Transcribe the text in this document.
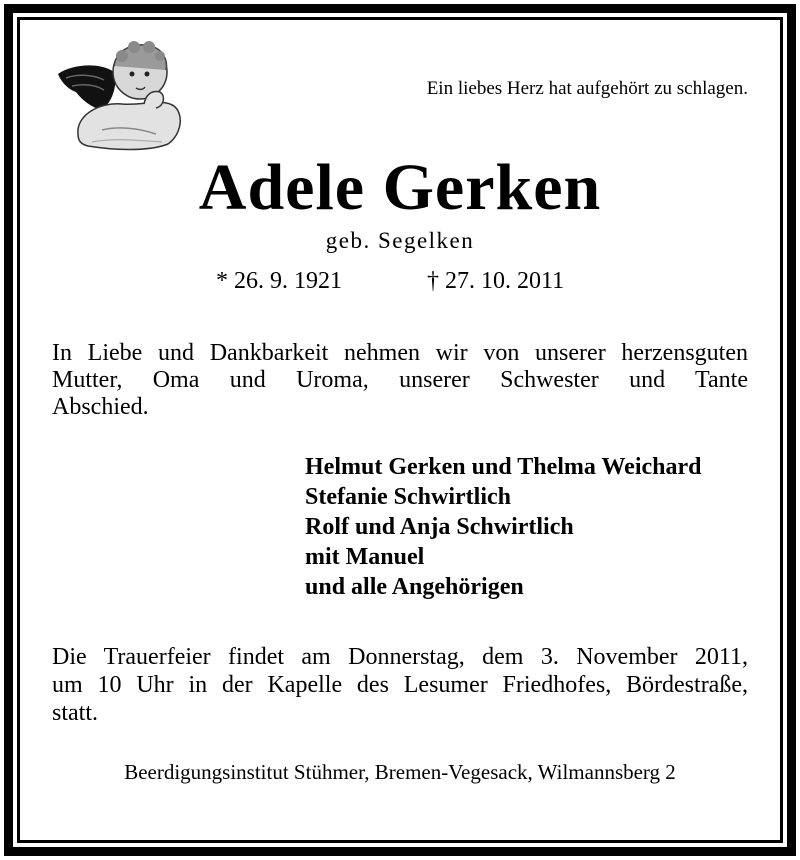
Ein liebes Herz hat aufgehört zu schlagen.
Adele Gerken
geb. Segelken
* 26. 9. 1921	† 27. 10. 2011
In Liebe und Dankbarkeit nehmen wir von unserer herzensguten
Mutter, Oma und Uroma, unserer Schwester und Tante
Abschied.
Helmut Gerken und Thelma Weichard
Stefanie Schwirtlich
Rolf und Anja Schwirtlich
mit Manuel
und alle Angehörigen
Die Trauerfeier findet am Donnerstag, dem 3. November 2011,
um 10 Uhr in der Kapelle des Lesumer Friedhofes, Bördestraße,
statt.
Beerdigungsinstitut Stühmer, Bremen-Vegesack, Wilmannsberg 2
